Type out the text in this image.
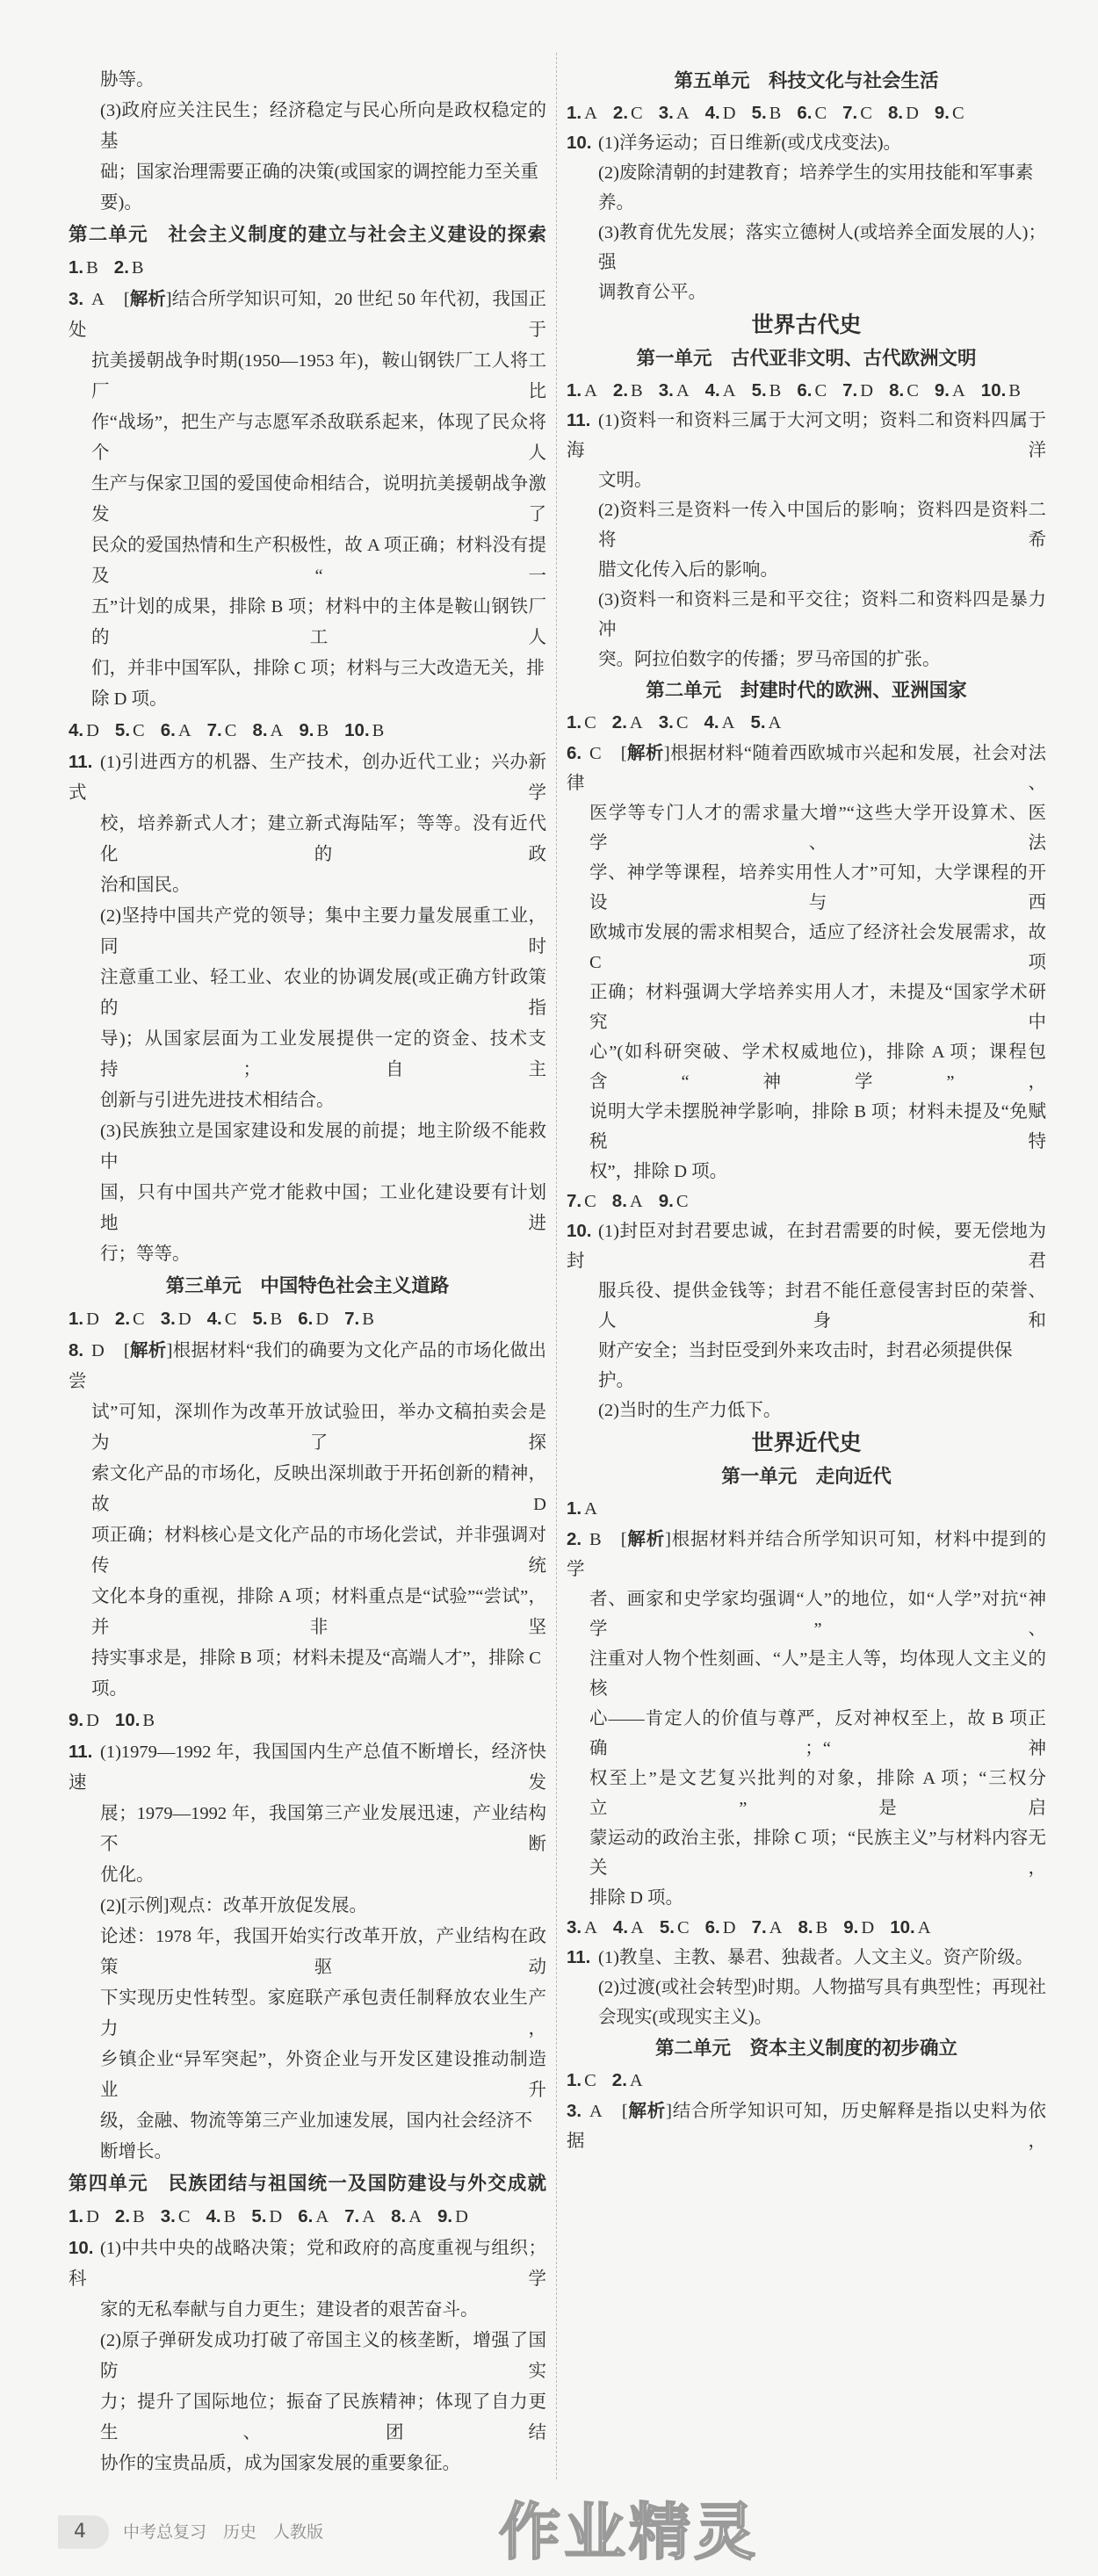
胁等。
(3)政府应关注民生；经济稳定与民心所向是政权稳定的基
础；国家治理需要正确的决策(或国家的调控能力至关重要)。
第二单元　社会主义制度的建立与社会主义建设的探索
1. B 2. B
3. A [解析]结合所学知识可知，20 世纪 50 年代初，我国正处于
抗美援朝战争时期(1950—1953 年)，鞍山钢铁厂工人将工厂比
作“战场”，把生产与志愿军杀敌联系起来，体现了民众将个人
生产与保家卫国的爱国使命相结合，说明抗美援朝战争激发了
民众的爱国热情和生产积极性，故 A 项正确；材料没有提及“一
五”计划的成果，排除 B 项；材料中的主体是鞍山钢铁厂的工人
们，并非中国军队，排除 C 项；材料与三大改造无关，排除 D 项。
4. D 5. C 6. A 7. C 8. A 9. B 10. B
11. (1)引进西方的机器、生产技术，创办近代工业；兴办新式学
校，培养新式人才；建立新式海陆军；等等。没有近代化的政
治和国民。
(2)坚持中国共产党的领导；集中主要力量发展重工业，同时
注意重工业、轻工业、农业的协调发展(或正确方针政策的指
导)；从国家层面为工业发展提供一定的资金、技术支持；自主
创新与引进先进技术相结合。
(3)民族独立是国家建设和发展的前提；地主阶级不能救中
国，只有中国共产党才能救中国；工业化建设要有计划地进
行；等等。
第三单元　中国特色社会主义道路
1. D 2. C 3. D 4. C 5. B 6. D 7. B
8. D [解析]根据材料“我们的确要为文化产品的市场化做出尝
试”可知，深圳作为改革开放试验田，举办文稿拍卖会是为了探
索文化产品的市场化，反映出深圳敢于开拓创新的精神，故 D
项正确；材料核心是文化产品的市场化尝试，并非强调对传统
文化本身的重视，排除 A 项；材料重点是“试验”“尝试”，并非坚
持实事求是，排除 B 项；材料未提及“高端人才”，排除 C 项。
9. D 10. B
11. (1)1979—1992 年，我国国内生产总值不断增长，经济快速发
展；1979—1992 年，我国第三产业发展迅速，产业结构不断
优化。
(2)[示例]观点：改革开放促发展。
论述：1978 年，我国开始实行改革开放，产业结构在政策驱动
下实现历史性转型。家庭联产承包责任制释放农业生产力，
乡镇企业“异军突起”，外资企业与开发区建设推动制造业升
级，金融、物流等第三产业加速发展，国内社会经济不断增长。
第四单元　民族团结与祖国统一及国防建设与外交成就
1. D 2. B 3. C 4. B 5. D 6. A 7. A 8. A 9. D
10. (1)中共中央的战略决策；党和政府的高度重视与组织；科学
家的无私奉献与自力更生；建设者的艰苦奋斗。
(2)原子弹研发成功打破了帝国主义的核垄断，增强了国防实
力；提升了国际地位；振奋了民族精神；体现了自力更生、团结
协作的宝贵品质，成为国家发展的重要象征。
第五单元　科技文化与社会生活
1. A 2. C 3. A 4. D 5. B 6. C 7. C 8. D 9. C
10. (1)洋务运动；百日维新(或戊戌变法)。
(2)废除清朝的封建教育；培养学生的实用技能和军事素养。
(3)教育优先发展；落实立德树人(或培养全面发展的人)；强
调教育公平。
世界古代史
第一单元　古代亚非文明、古代欧洲文明
1. A 2. B 3. A 4. A 5. B 6. C 7. D 8. C 9. A 10. B
11. (1)资料一和资料三属于大河文明；资料二和资料四属于海洋
文明。
(2)资料三是资料一传入中国后的影响；资料四是资料二将希
腊文化传入后的影响。
(3)资料一和资料三是和平交往；资料二和资料四是暴力冲
突。阿拉伯数字的传播；罗马帝国的扩张。
第二单元　封建时代的欧洲、亚洲国家
1. C 2. A 3. C 4. A 5. A
6. C [解析]根据材料“随着西欧城市兴起和发展，社会对法律、
医学等专门人才的需求量大增”“这些大学开设算术、医学、法
学、神学等课程，培养实用性人才”可知，大学课程的开设与西
欧城市发展的需求相契合，适应了经济社会发展需求，故 C 项
正确；材料强调大学培养实用人才，未提及“国家学术研究中
心”(如科研突破、学术权威地位)，排除 A 项；课程包含“神学”，
说明大学未摆脱神学影响，排除 B 项；材料未提及“免赋税特
权”，排除 D 项。
7. C 8. A 9. C
10. (1)封臣对封君要忠诚，在封君需要的时候，要无偿地为封君
服兵役、提供金钱等；封君不能任意侵害封臣的荣誉、人身和
财产安全；当封臣受到外来攻击时，封君必须提供保护。
(2)当时的生产力低下。
世界近代史
第一单元　走向近代
1. A
2. B [解析]根据材料并结合所学知识可知，材料中提到的学
者、画家和史学家均强调“人”的地位，如“人学”对抗“神学”、
注重对人物个性刻画、“人”是主人等，均体现人文主义的核
心——肯定人的价值与尊严，反对神权至上，故 B 项正确；“神
权至上”是文艺复兴批判的对象，排除 A 项；“三权分立”是启
蒙运动的政治主张，排除 C 项；“民族主义”与材料内容无关，
排除 D 项。
3. A 4. A 5. C 6. D 7. A 8. B 9. D 10. A
11. (1)教皇、主教、暴君、独裁者。人文主义。资产阶级。
(2)过渡(或社会转型)时期。人物描写具有典型性；再现社
会现实(或现实主义)。
第二单元　资本主义制度的初步确立
1. C 2. A
3. A [解析]结合所学知识可知，历史解释是指以史料为依据，
4	中考总复习　历史　人教版	作业精灵
